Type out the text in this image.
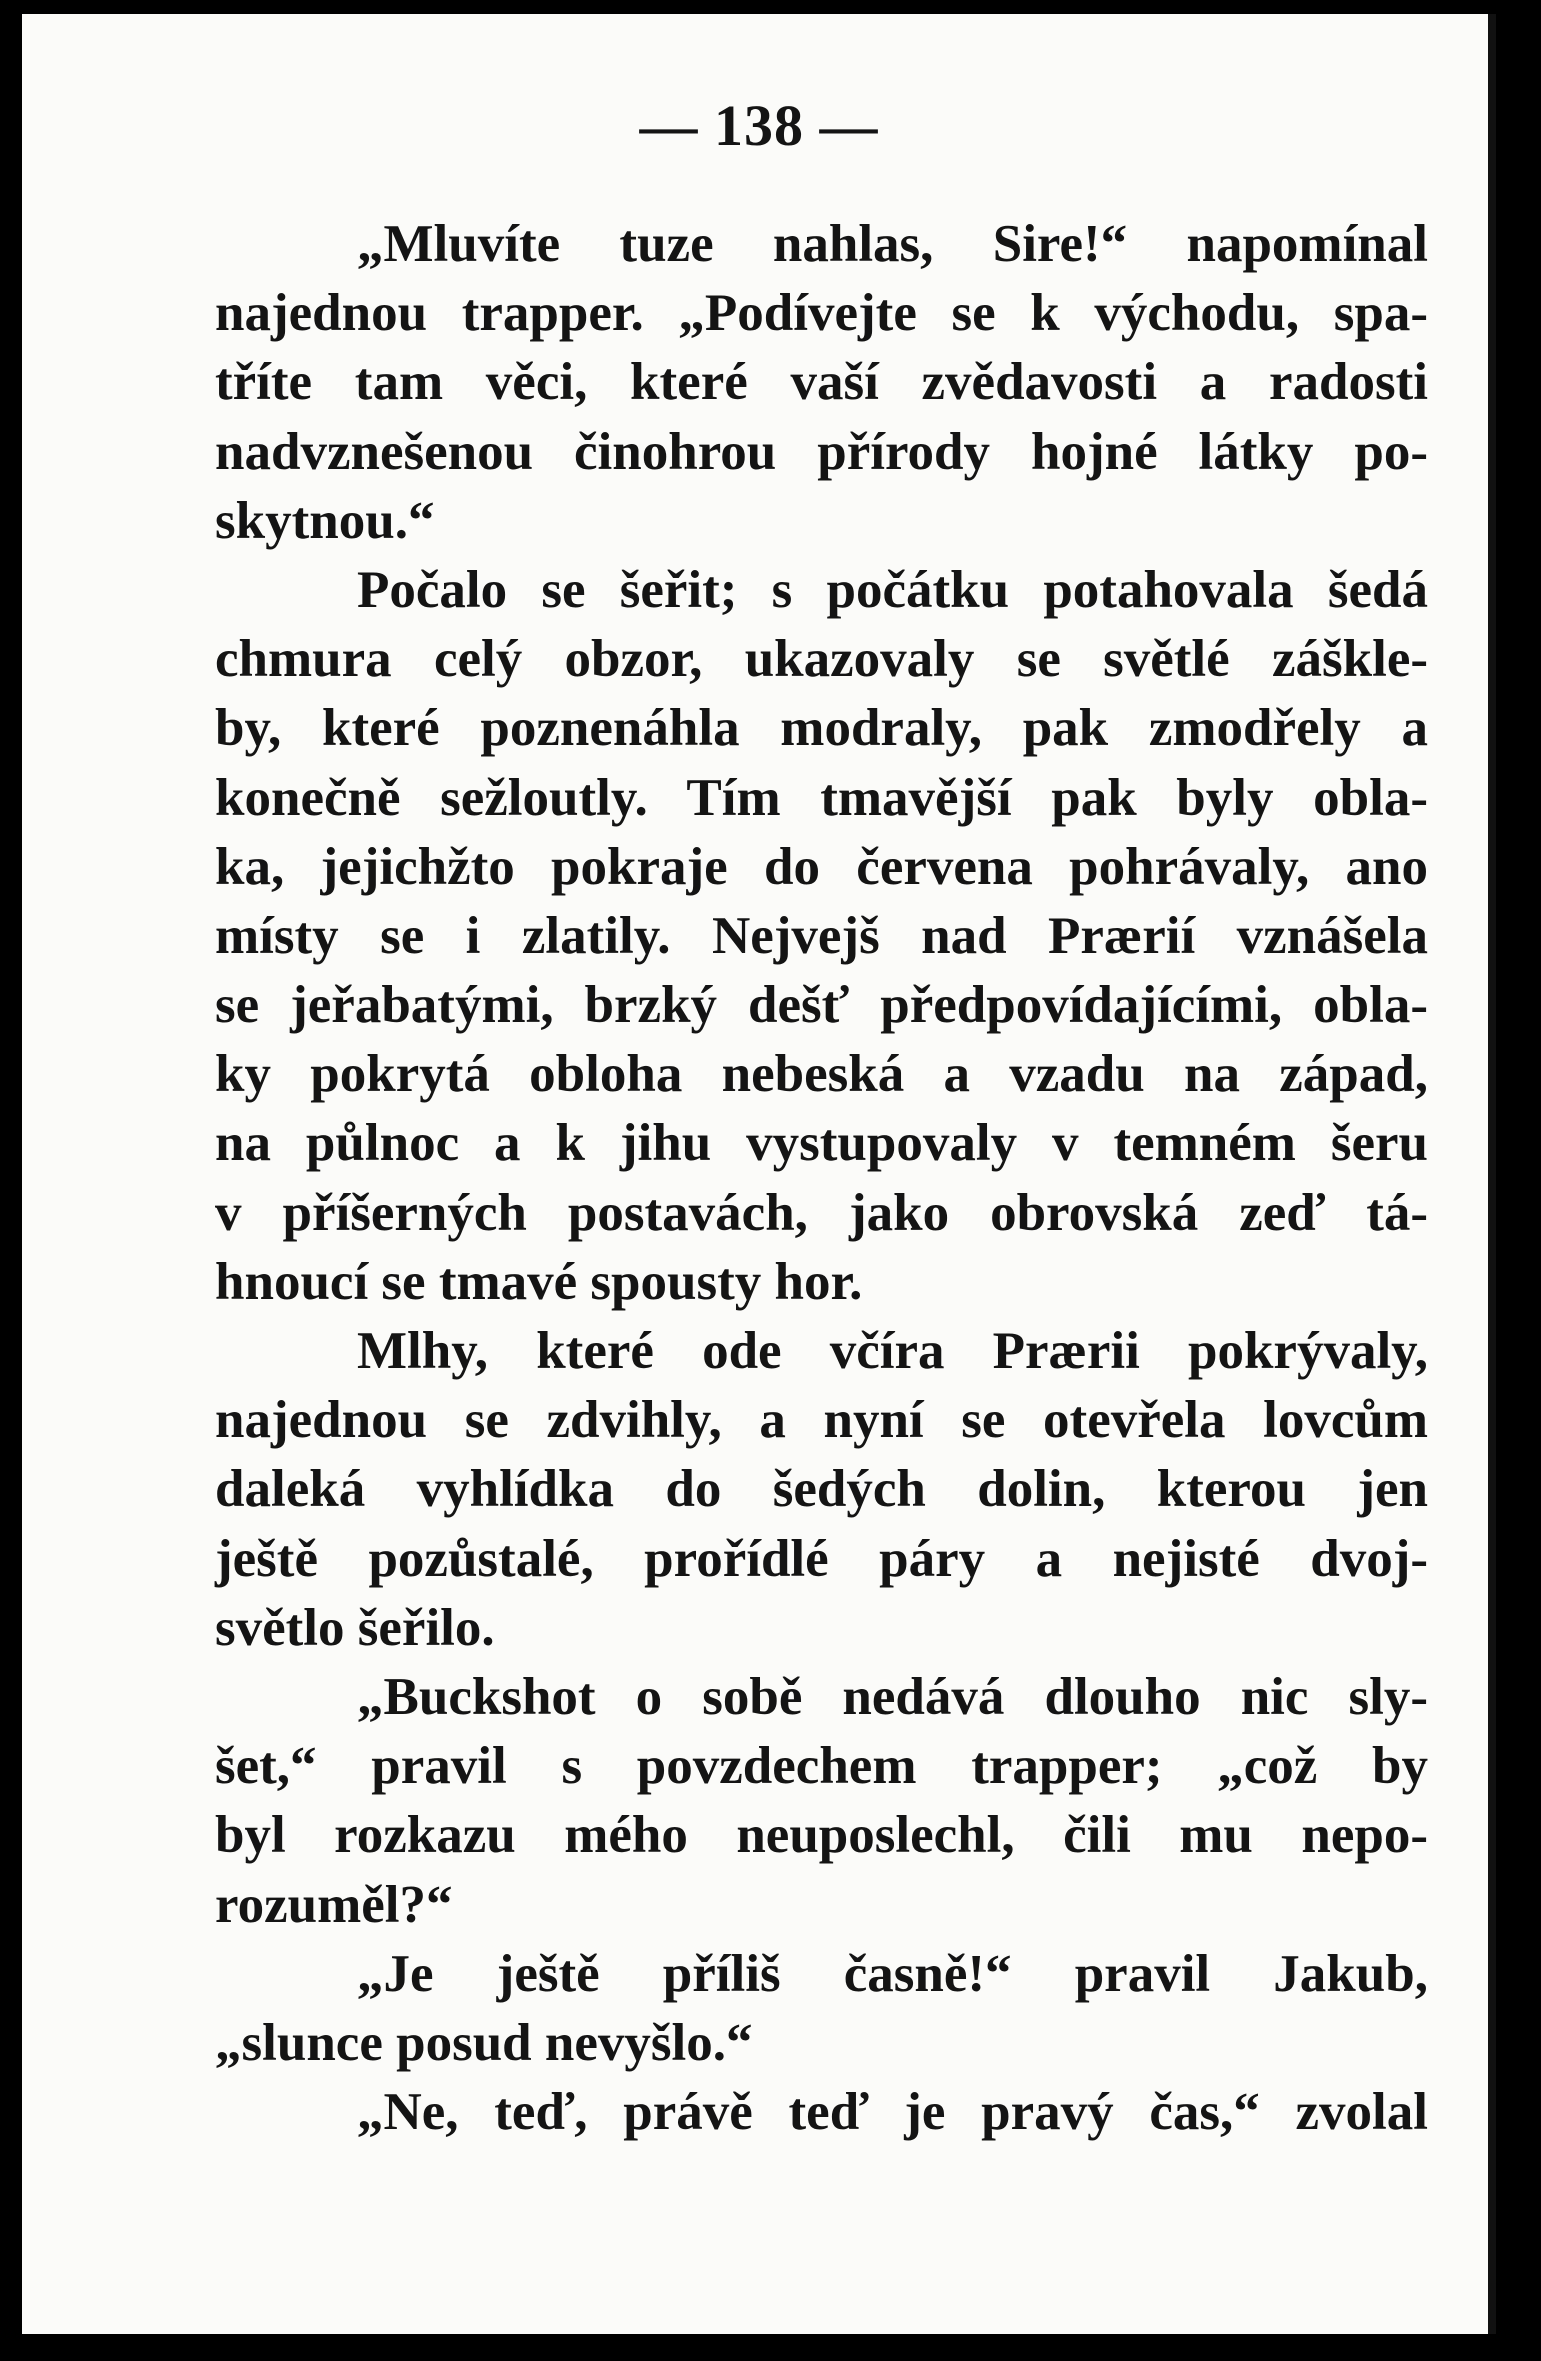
— 138 —
„Mluvíte tuze nahlas, Sire!“ napomínal
najednou trapper. „Podívejte se k východu, spa-
tříte tam věci, které vaší zvědavosti a radosti
nadvznešenou činohrou přírody hojné látky po-
skytnou.“
Počalo se šeřit; s počátku potahovala šedá
chmura celý obzor, ukazovaly se světlé záškle-
by, které poznenáhla modraly, pak zmodřely a
konečně sežloutly. Tím tmavější pak byly obla-
ka, jejichžto pokraje do červena pohrávaly, ano
místy se i zlatily. Nejvejš nad Prærií vznášela
se jeřabatými, brzký dešť předpovídajícími, obla-
ky pokrytá obloha nebeská a vzadu na západ,
na půlnoc a k jihu vystupovaly v temném šeru
v příšerných postavách, jako obrovská zeď tá-
hnoucí se tmavé spousty hor.
Mlhy, které ode včíra Prærii pokrývaly,
najednou se zdvihly, a nyní se otevřela lovcům
daleká vyhlídka do šedých dolin, kterou jen
ještě pozůstalé, prořídlé páry a nejisté dvoj-
světlo šeřilo.
„Buckshot o sobě nedává dlouho nic sly-
šet,“ pravil s povzdechem trapper; „což by
byl rozkazu mého neuposlechl, čili mu nepo-
rozuměl?“
„Je ještě příliš časně!“ pravil Jakub,
„slunce posud nevyšlo.“
„Ne, teď, právě teď je pravý čas,“ zvolal
